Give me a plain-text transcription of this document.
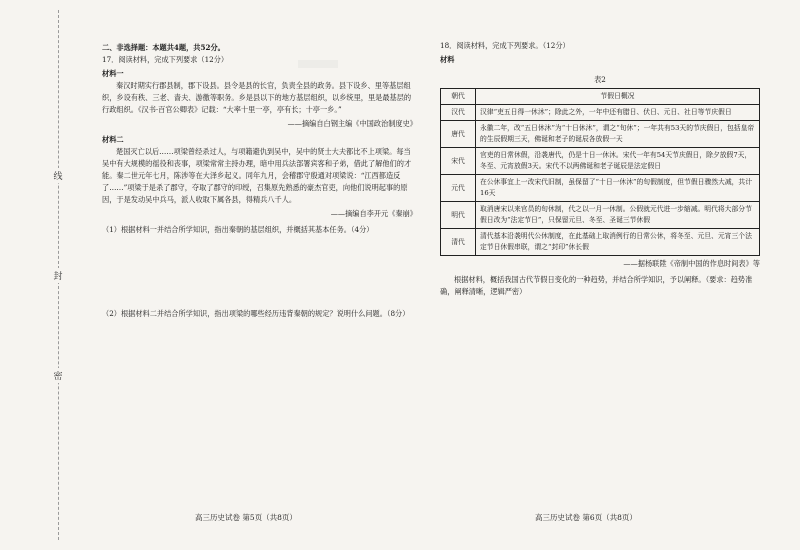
线
封
密
二、非选择题：本题共4题，共52分。
17．阅读材料，完成下列要求（12分）
材料一

秦汉时期实行郡县制，郡下设县。县令是县的长官，负责全县的政务。县下设乡、里等基层组织，乡设有秩、三老、啬夫、游徼等职务。乡是县以下的地方基层组织，以乡统里，里是最基层的行政组织。《汉书·百官公卿表》记载：“大率十里一亭，亭有长；十亭一乡。”

——摘编自白钢主编《中国政治制度史》
材料二

楚国灭亡以后……项梁曾经杀过人，与项籍避仇到吴中，吴中的贤士大夫都比不上项梁。每当吴中有大规模的徭役和丧事，项梁常常主持办理，暗中用兵法部署宾客和子弟，借此了解他们的才能。秦二世元年七月，陈涉等在大泽乡起义。同年九月，会稽郡守殷通对项梁说：“江西都造反了……”项梁于是杀了郡守，夺取了郡守的印绶，召集原先熟悉的豪杰官吏，向他们说明起事的原因，于是发动吴中兵马，派人收取下属各县，得精兵八千人。

——摘编自李开元《秦崩》
（1）根据材料一并结合所学知识，指出秦朝的基层组织，并概括其基本任务。（4分）
（2）根据材料二并结合所学知识，指出项梁的哪些经历违背秦朝的规定？说明什么问题。（8分）
18．阅读材料，完成下列要求。（12分）
材料
表2
朝代	节假日概况
汉代	汉律“吏五日得一休沐”；除此之外，一年中还有腊日、伏日、元日、社日等节庆假日
唐代	永徽二年，改“五日休沐”为“十日休沐”，谓之“旬休”；一年共有53天的节庆假日，包括皇帝的生辰假期三天，佛诞和老子的诞辰各放假一天
宋代	官吏的日常休假，沿袭唐代，仍是十日一休沐。宋代一年有54天节庆假日，除夕放假7天，冬至、元宵放假3天。宋代不以两佛诞和老子诞辰是法定假日
元代	在公休事宜上一改宋代旧制，虽保留了“十日一休沐”的旬假制度，但节假日骤然大减，共计16天
明代	取消唐宋以来官员的旬休制，代之以一月一休制。公假就元代进一步缩减。明代将大部分节假日改为“法定节日”，只保留元旦、冬至、圣诞三节休假
清代	清代基本沿袭明代公休制度，在此基础上取消例行的日常公休，将冬至、元旦、元宵三个法定节日休假串联，谓之“封印”休长假
——据杨联陞《帝制中国的作息时间表》等

根据材料，概括我国古代节假日变化的一种趋势，并结合所学知识，予以阐释。（要求：趋势准确，阐释清晰，逻辑严密）

高三历史试卷 第5页（共8页）	高三历史试卷 第6页（共8页）
